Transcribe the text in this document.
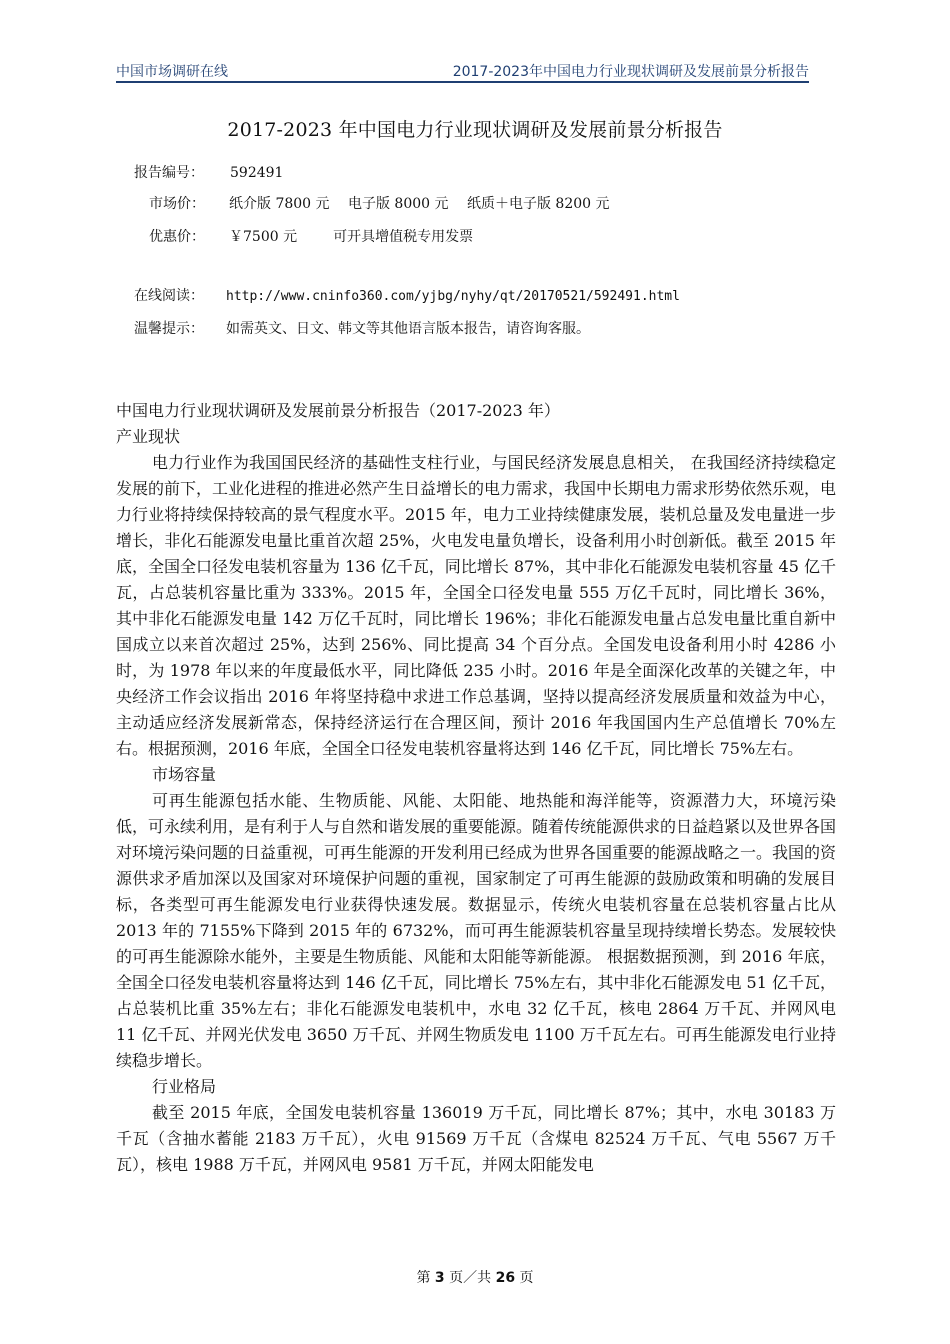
中国市场调研在线	2017-2023年中国电力行业现状调研及发展前景分析报告
2017-2023 年中国电力行业现状调研及发展前景分析报告
报告编号： 592491
市场价： 纸介版 7800 元　 电子版 8000 元　 纸质＋电子版 8200 元
优惠价： ￥7500 元	可开具增值税专用发票
在线阅读： http://www.cninfo360.com/yjbg/nyhy/qt/20170521/592491.html
温馨提示： 如需英文、日文、韩文等其他语言版本报告，请咨询客服。

中国电力行业现状调研及发展前景分析报告（2017-2023 年）

产业现状

电力行业作为我国国民经济的基础性支柱行业，与国民经济发展息息相关， 在我国经济持续稳定发展的前下，工业化进程的推进必然产生日益增长的电力需求，我国中长期电力需求形势依然乐观，电力行业将持续保持较高的景气程度水平。2015 年，电力工业持续健康发展，装机总量及发电量进一步增长，非化石能源发电量比重首次超 25%，火电发电量负增长，设备利用小时创新低。截至 2015 年底，全国全口径发电装机容量为 136 亿千瓦，同比增长 87%，其中非化石能源发电装机容量 45 亿千瓦，占总装机容量比重为 333%。2015 年，全国全口径发电量 555 万亿千瓦时，同比增长 36%，其中非化石能源发电量 142 万亿千瓦时，同比增长 196%；非化石能源发电量占总发电量比重自新中国成立以来首次超过 25%，达到 256%、同比提高 34 个百分点。全国发电设备利用小时 4286 小时，为 1978 年以来的年度最低水平，同比降低 235 小时。2016 年是全面深化改革的关键之年，中央经济工作会议指出 2016 年将坚持稳中求进工作总基调，坚持以提高经济发展质量和效益为中心，主动适应经济发展新常态，保持经济运行在合理区间，预计 2016 年我国国内生产总值增长 70%左右。根据预测，2016 年底，全国全口径发电装机容量将达到 146 亿千瓦，同比增长 75%左右。

市场容量

可再生能源包括水能、生物质能、风能、太阳能、地热能和海洋能等，资源潜力大，环境污染低，可永续利用，是有利于人与自然和谐发展的重要能源。随着传统能源供求的日益趋紧以及世界各国对环境污染问题的日益重视，可再生能源的开发利用已经成为世界各国重要的能源战略之一。我国的资源供求矛盾加深以及国家对环境保护问题的重视，国家制定了可再生能源的鼓励政策和明确的发展目标，各类型可再生能源发电行业获得快速发展。数据显示，传统火电装机容量在总装机容量占比从 2013 年的 7155%下降到 2015 年的 6732%，而可再生能源装机容量呈现持续增长势态。发展较快的可再生能源除水能外，主要是生物质能、风能和太阳能等新能源。 根据数据预测，到 2016 年底，全国全口径发电装机容量将达到 146 亿千瓦，同比增长 75%左右，其中非化石能源发电 51 亿千瓦，占总装机比重 35%左右；非化石能源发电装机中，水电 32 亿千瓦，核电 2864 万千瓦、并网风电 11 亿千瓦、并网光伏发电 3650 万千瓦、并网生物质发电 1100 万千瓦左右。可再生能源发电行业持续稳步增长。

行业格局

截至 2015 年底，全国发电装机容量 136019 万千瓦，同比增长 87%；其中，水电 30183 万千瓦（含抽水蓄能 2183 万千瓦），火电 91569 万千瓦（含煤电 82524 万千瓦、气电 5567 万千瓦），核电 1988 万千瓦，并网风电 9581 万千瓦，并网太阳能发电

第 3 页／共 26 页
